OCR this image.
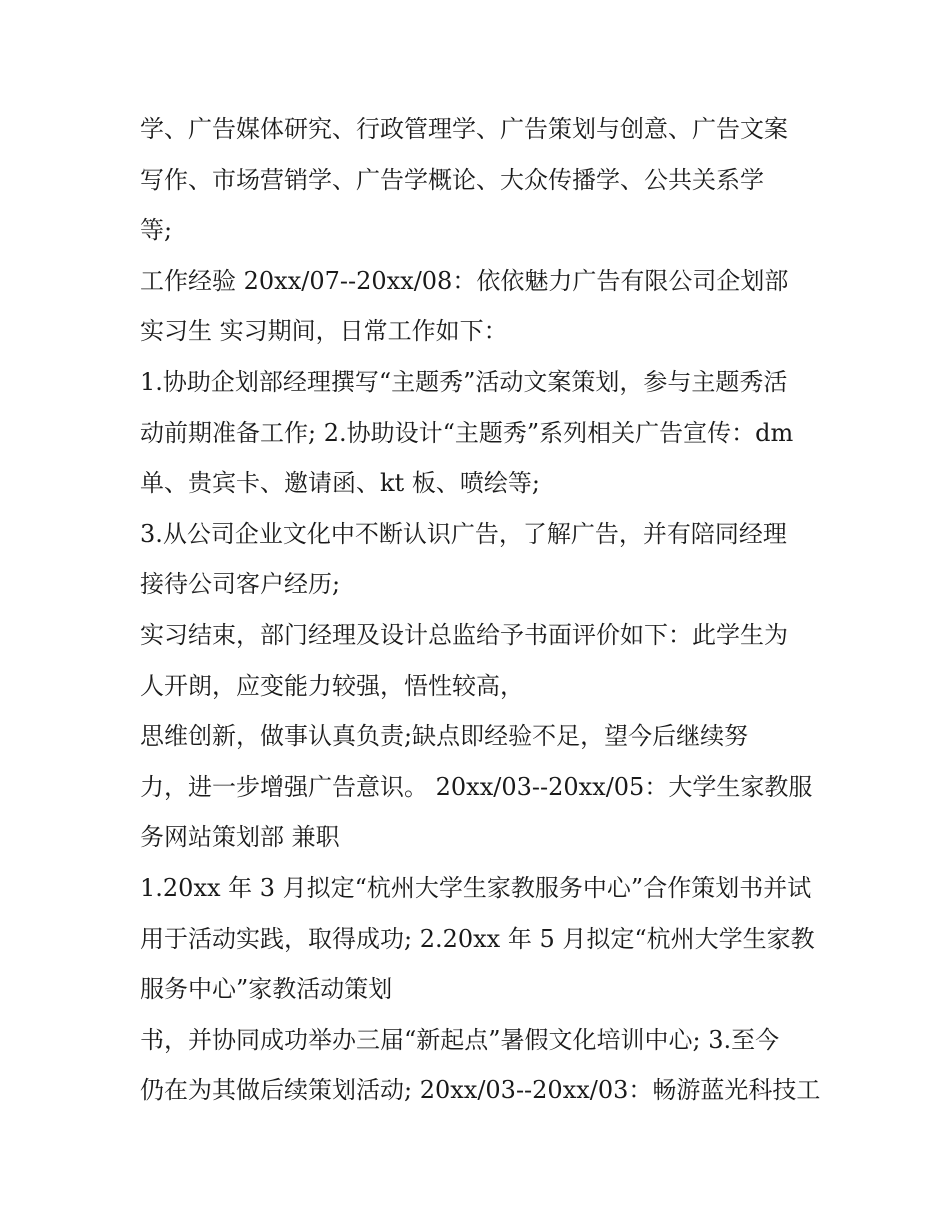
学、广告媒体研究、行政管理学、广告策划与创意、广告文案
写作、市场营销学、广告学概论、大众传播学、公共关系学
等;
工作经验 20xx/07--20xx/08：依依魅力广告有限公司企划部
实习生 实习期间，日常工作如下：
1.协助企划部经理撰写“主题秀”活动文案策划，参与主题秀活
动前期准备工作; 2.协助设计“主题秀”系列相关广告宣传：dm
单、贵宾卡、邀请函、kt 板、喷绘等;
3.从公司企业文化中不断认识广告，了解广告，并有陪同经理
接待公司客户经历;
实习结束，部门经理及设计总监给予书面评价如下：此学生为
人开朗，应变能力较强，悟性较高，
思维创新，做事认真负责;缺点即经验不足，望今后继续努
力，进一步增强广告意识。 20xx/03--20xx/05：大学生家教服
务网站策划部 兼职
1.20xx 年 3 月拟定“杭州大学生家教服务中心”合作策划书并试
用于活动实践，取得成功; 2.20xx 年 5 月拟定“杭州大学生家教
服务中心”家教活动策划
书，并协同成功举办三届“新起点”暑假文化培训中心; 3.至今
仍在为其做后续策划活动; 20xx/03--20xx/03：畅游蓝光科技工
